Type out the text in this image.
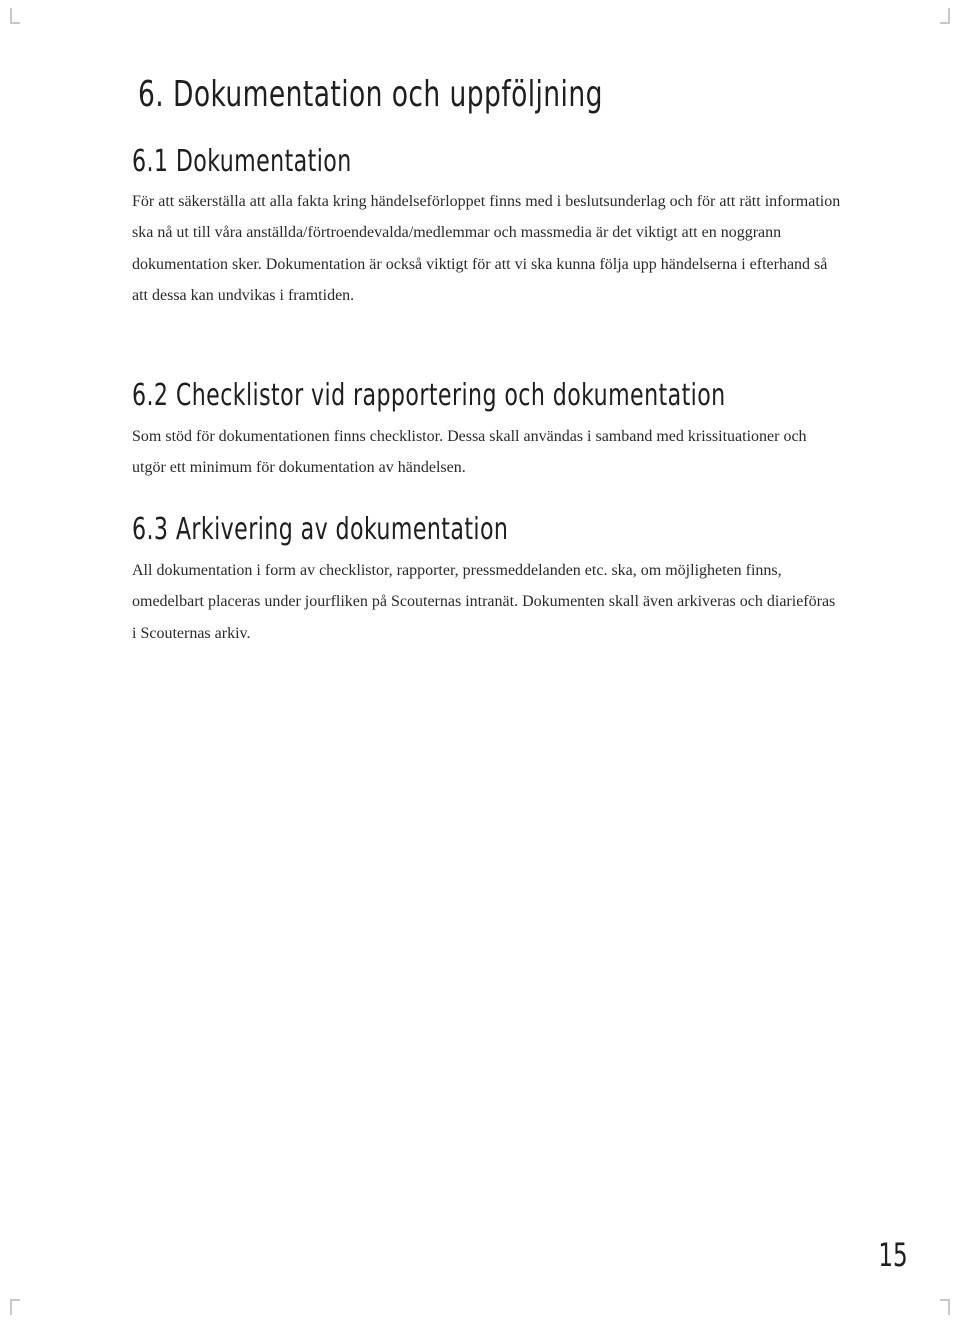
6. Dokumentation och uppföljning
6.1 Dokumentation

För att säkerställa att alla fakta kring händelseförloppet finns med i beslutsunderlag och för att rätt information ska nå ut till våra anställda/förtroendevalda/medlemmar och massmedia är det viktigt att en noggrann dokumentation sker. Dokumentation är också viktigt för att vi ska kunna följa upp händelserna i efterhand så att dessa kan undvikas i framtiden.

6.2 Checklistor vid rapportering och dokumentation

Som stöd för dokumentationen finns checklistor. Dessa skall användas i samband med krissituationer och utgör ett minimum för dokumentation av händelsen.

6.3 Arkivering av dokumentation

All dokumentation i form av checklistor, rapporter, pressmeddelanden etc. ska, om möjligheten finns, omedelbart placeras under jourfliken på Scouternas intranät. Dokumenten skall även arkiveras och diarieföras i Scouternas arkiv.

15
